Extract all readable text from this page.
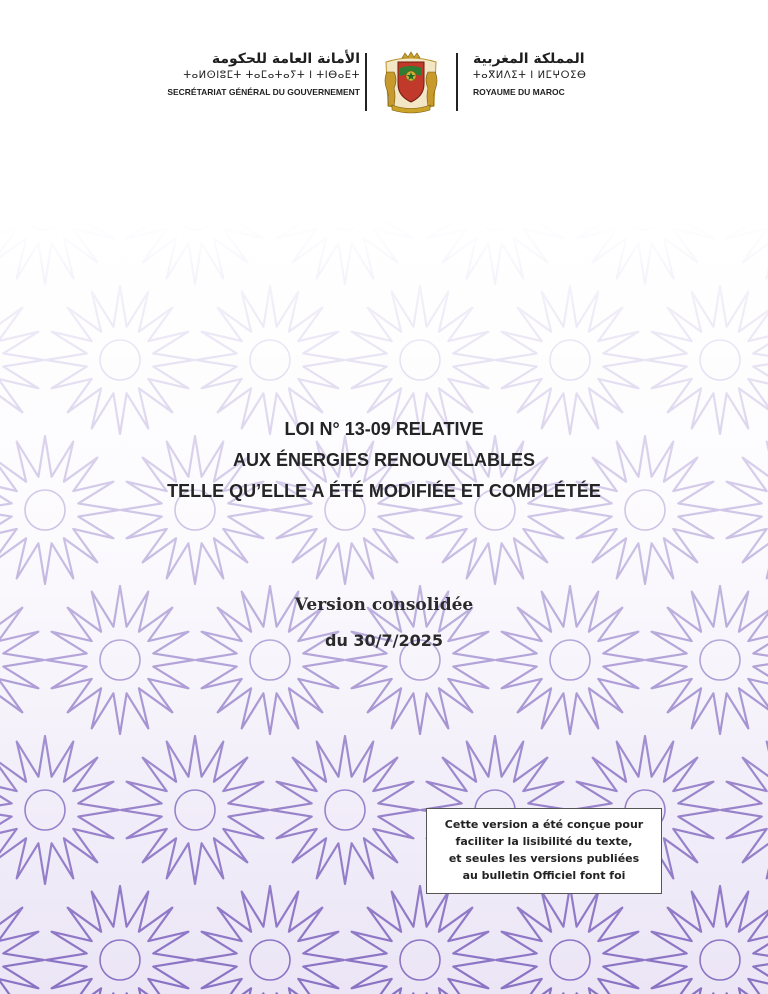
الأمانة العامة للحكومة
ⵜⴰⵍⵙⵏⵓⵎⵜ ⵜⴰⵎⴰⵜⴰⵢⵜ ⵏ ⵜⵏⴱⴰⴹⵜ
SECRÉTARIAT GÉNÉRAL DU GOUVERNEMENT
المملكة المغربية
ⵜⴰⴳⵍⴷⵉⵜ ⵏ ⵍⵎⵖⵔⵉⴱ
ROYAUME DU MAROC
LOI N° 13-09 RELATIVE
AUX ÉNERGIES RENOUVELABLES
TELLE QU’ELLE A ÉTÉ MODIFIÉE ET COMPLÉTÉE
Version consolidée
du 30/7/2025
Cette version a été conçue pour
faciliter la lisibilité du texte,
et seules les versions publiées
au bulletin Officiel font foi
